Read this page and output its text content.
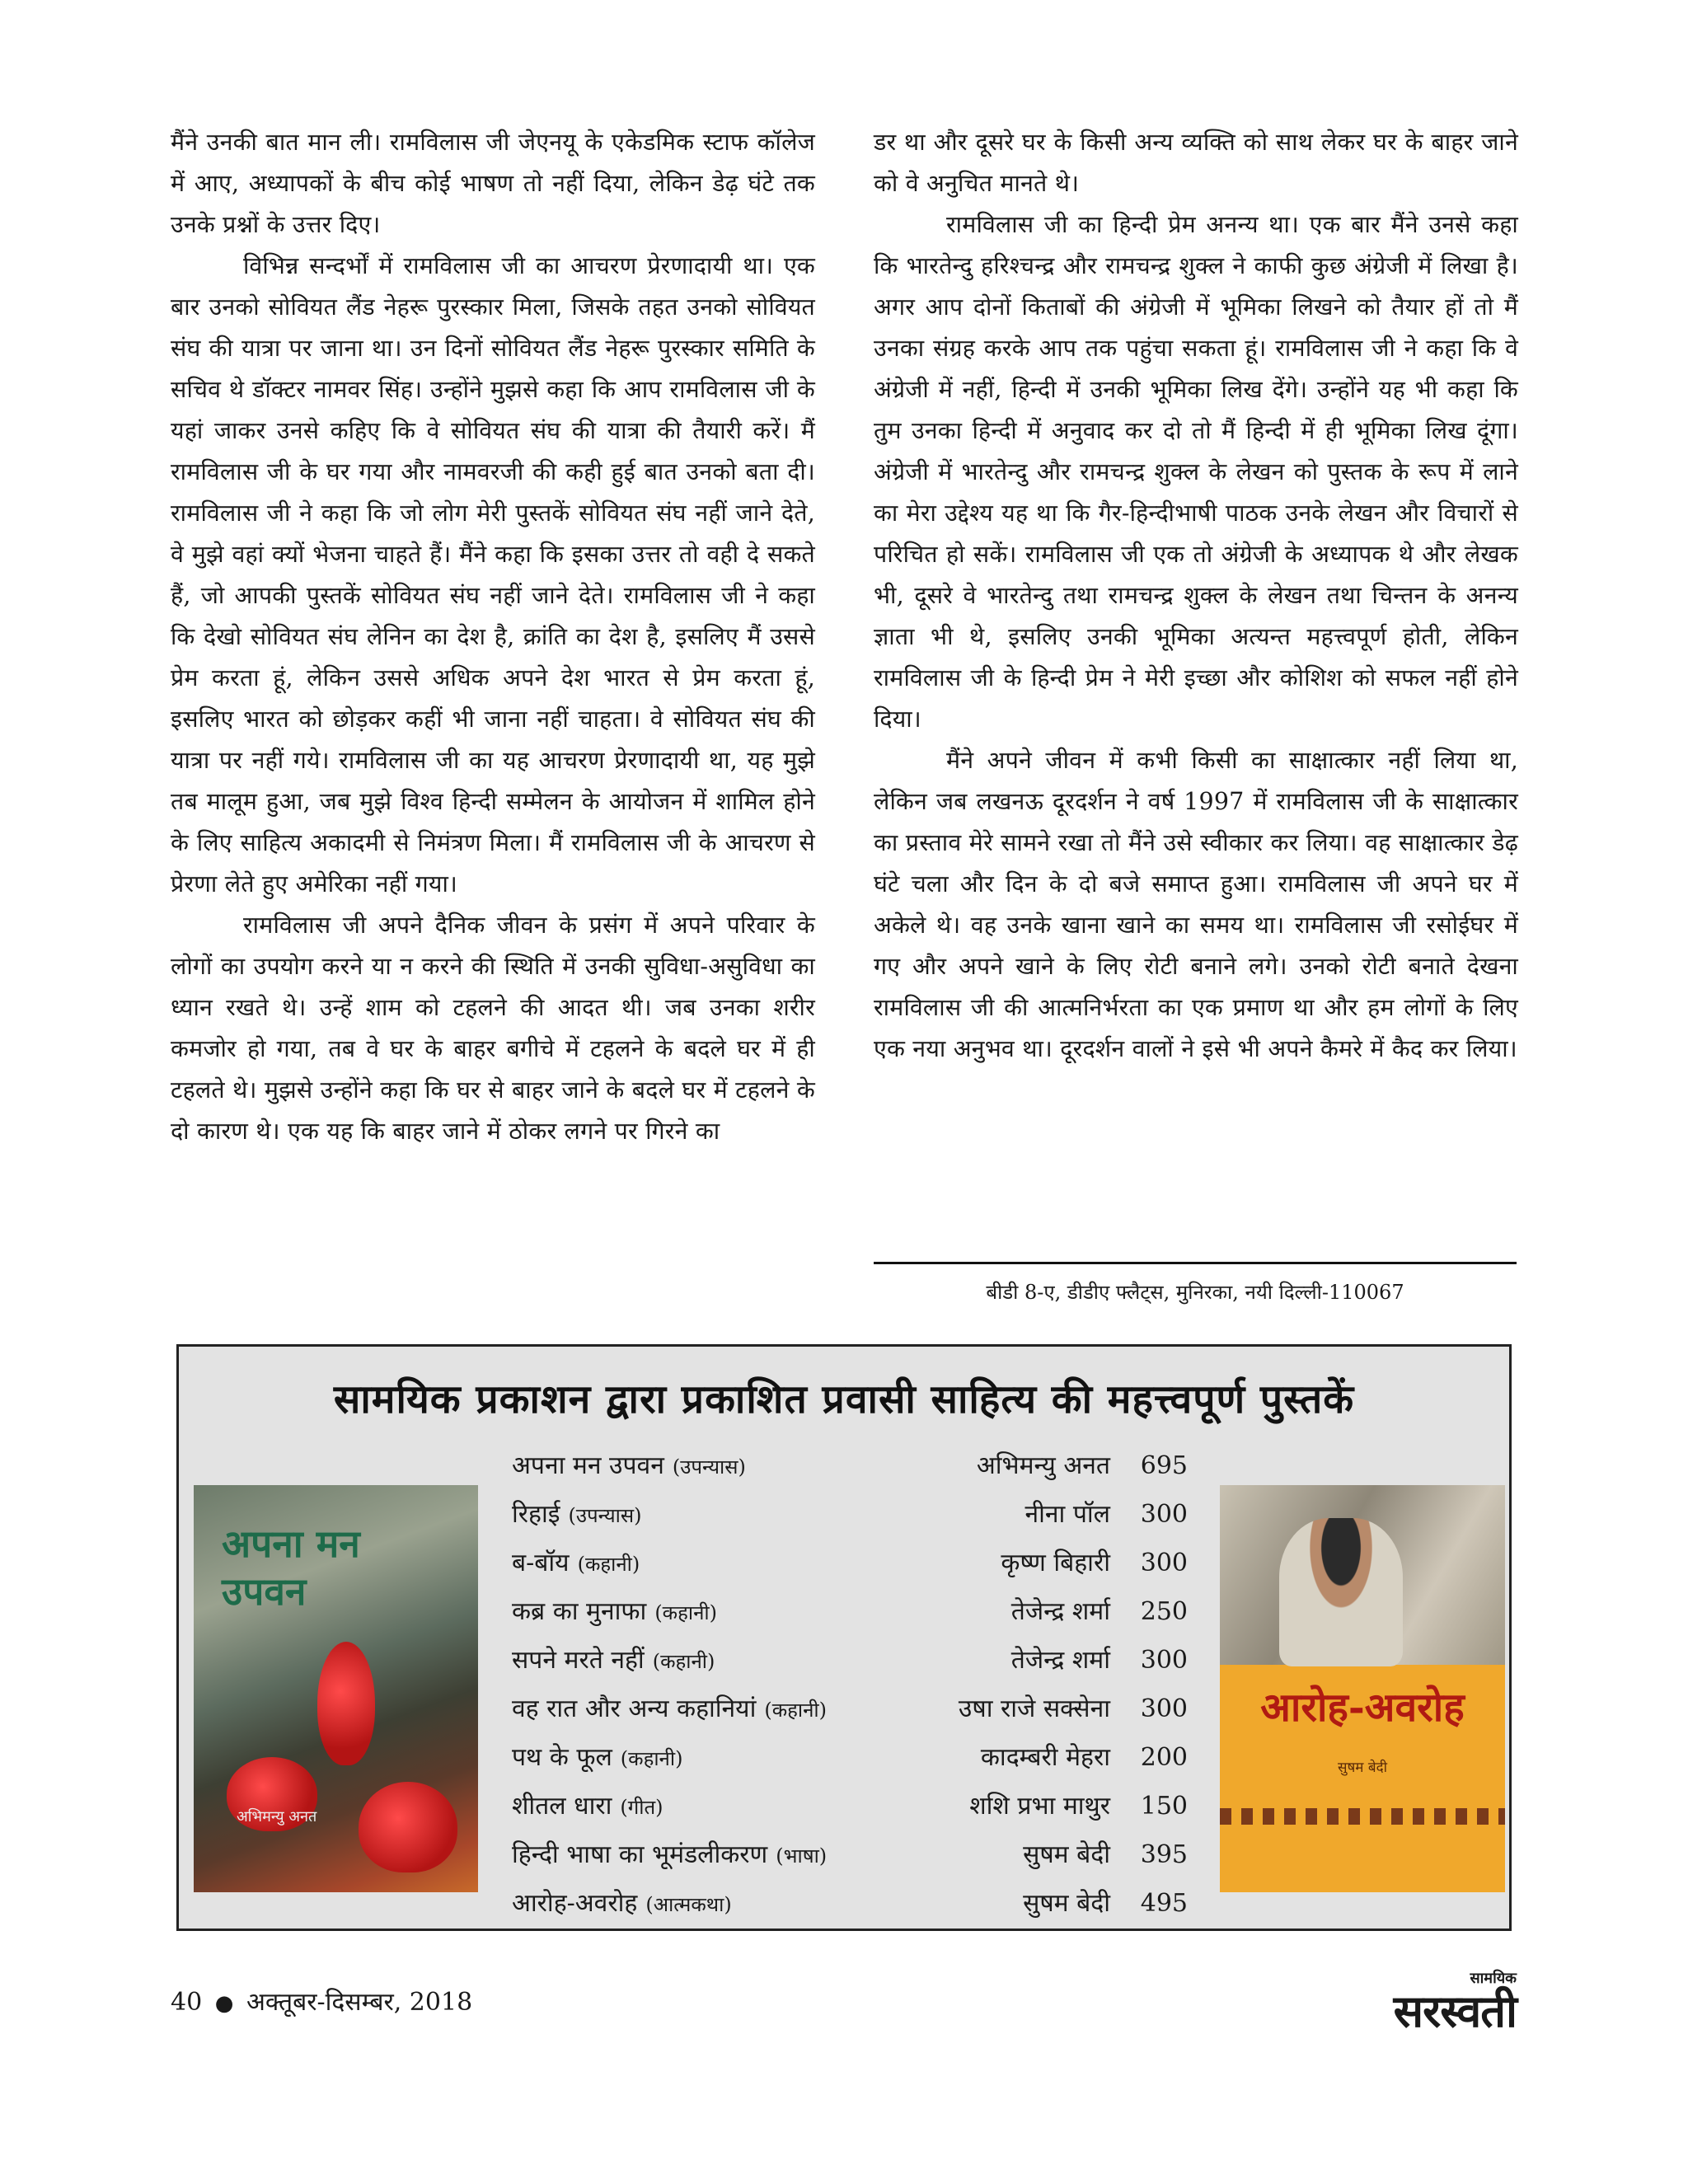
मैंने उनकी बात मान ली। रामविलास जी जेएनयू के एकेडमिक स्टाफ कॉलेज में आए, अध्यापकों के बीच कोई भाषण तो नहीं दिया, लेकिन डेढ़ घंटे तक उनके प्रश्नों के उत्तर दिए।

विभिन्न सन्दर्भों में रामविलास जी का आचरण प्रेरणादायी था। एक बार उनको सोवियत लैंड नेहरू पुरस्कार मिला, जिसके तहत उनको सोवियत संघ की यात्रा पर जाना था। उन दिनों सोवियत लैंड नेहरू पुरस्कार समिति के सचिव थे डॉक्टर नामवर सिंह। उन्होंने मुझसे कहा कि आप रामविलास जी के यहां जाकर उनसे कहिए कि वे सोवियत संघ की यात्रा की तैयारी करें। मैं रामविलास जी के घर गया और नामवरजी की कही हुई बात उनको बता दी। रामविलास जी ने कहा कि जो लोग मेरी पुस्तकें सोवियत संघ नहीं जाने देते, वे मुझे वहां क्यों भेजना चाहते हैं। मैंने कहा कि इसका उत्तर तो वही दे सकते हैं, जो आपकी पुस्तकें सोवियत संघ नहीं जाने देते। रामविलास जी ने कहा कि देखो सोवियत संघ लेनिन का देश है, क्रांति का देश है, इसलिए मैं उससे प्रेम करता हूं, लेकिन उससे अधिक अपने देश भारत से प्रेम करता हूं, इसलिए भारत को छोड़कर कहीं भी जाना नहीं चाहता। वे सोवियत संघ की यात्रा पर नहीं गये। रामविलास जी का यह आचरण प्रेरणादायी था, यह मुझे तब मालूम हुआ, जब मुझे विश्व हिन्दी सम्मेलन के आयोजन में शामिल होने के लिए साहित्य अकादमी से निमंत्रण मिला। मैं रामविलास जी के आचरण से प्रेरणा लेते हुए अमेरिका नहीं गया।

रामविलास जी अपने दैनिक जीवन के प्रसंग में अपने परिवार के लोगों का उपयोग करने या न करने की स्थिति में उनकी सुविधा-असुविधा का ध्यान रखते थे। उन्हें शाम को टहलने की आदत थी। जब उनका शरीर कमजोर हो गया, तब वे घर के बाहर बगीचे में टहलने के बदले घर में ही टहलते थे। मुझसे उन्होंने कहा कि घर से बाहर जाने के बदले घर में टहलने के दो कारण थे। एक यह कि बाहर जाने में ठोकर लगने पर गिरने का

डर था और दूसरे घर के किसी अन्य व्यक्ति को साथ लेकर घर के बाहर जाने को वे अनुचित मानते थे।

रामविलास जी का हिन्दी प्रेम अनन्य था। एक बार मैंने उनसे कहा कि भारतेन्दु हरिश्चन्द्र और रामचन्द्र शुक्ल ने काफी कुछ अंग्रेजी में लिखा है। अगर आप दोनों किताबों की अंग्रेजी में भूमिका लिखने को तैयार हों तो मैं उनका संग्रह करके आप तक पहुंचा सकता हूं। रामविलास जी ने कहा कि वे अंग्रेजी में नहीं, हिन्दी में उनकी भूमिका लिख देंगे। उन्होंने यह भी कहा कि तुम उनका हिन्दी में अनुवाद कर दो तो मैं हिन्दी में ही भूमिका लिख दूंगा। अंग्रेजी में भारतेन्दु और रामचन्द्र शुक्ल के लेखन को पुस्तक के रूप में लाने का मेरा उद्देश्य यह था कि गैर-हिन्दीभाषी पाठक उनके लेखन और विचारों से परिचित हो सकें। रामविलास जी एक तो अंग्रेजी के अध्यापक थे और लेखक भी, दूसरे वे भारतेन्दु तथा रामचन्द्र शुक्ल के लेखन तथा चिन्तन के अनन्य ज्ञाता भी थे, इसलिए उनकी भूमिका अत्यन्त महत्त्वपूर्ण होती, लेकिन रामविलास जी के हिन्दी प्रेम ने मेरी इच्छा और कोशिश को सफल नहीं होने दिया।

मैंने अपने जीवन में कभी किसी का साक्षात्कार नहीं लिया था, लेकिन जब लखनऊ दूरदर्शन ने वर्ष 1997 में रामविलास जी के साक्षात्कार का प्रस्ताव मेरे सामने रखा तो मैंने उसे स्वीकार कर लिया। वह साक्षात्कार डेढ़ घंटे चला और दिन के दो बजे समाप्त हुआ। रामविलास जी अपने घर में अकेले थे। वह उनके खाना खाने का समय था। रामविलास जी रसोईघर में गए और अपने खाने के लिए रोटी बनाने लगे। उनको रोटी बनाते देखना रामविलास जी की आत्मनिर्भरता का एक प्रमाण था और हम लोगों के लिए एक नया अनुभव था। दूरदर्शन वालों ने इसे भी अपने कैमरे में कैद कर लिया।

बीडी 8-ए, डीडीए फ्लैट्स, मुनिरका, नयी दिल्ली-110067
सामयिक प्रकाशन द्वारा प्रकाशित प्रवासी साहित्य की महत्त्वपूर्ण पुस्तकें
अपना मन
उपवन
अभिमन्यु अनत
अपना मन उपवन (उपन्यास)	अभिमन्यु अनत 695
रिहाई (उपन्यास)	नीना पॉल 300
ब-बॉय (कहानी)	कृष्ण बिहारी 300
कब्र का मुनाफा (कहानी)	तेजेन्द्र शर्मा 250
सपने मरते नहीं (कहानी)	तेजेन्द्र शर्मा 300
वह रात और अन्य कहानियां (कहानी)	उषा राजे सक्सेना 300
पथ के फूल (कहानी)	कादम्बरी मेहरा 200
शीतल धारा (गीत)	शशि प्रभा माथुर 150
हिन्दी भाषा का भूमंडलीकरण (भाषा)	सुषम बेदी 395
आरोह-अवरोह (आत्मकथा)	सुषम बेदी 495
आरोह-अवरोह
सुषम बेदी
40 ● अक्तूबर-दिसम्बर, 2018
सामयिक
सरस्वती
